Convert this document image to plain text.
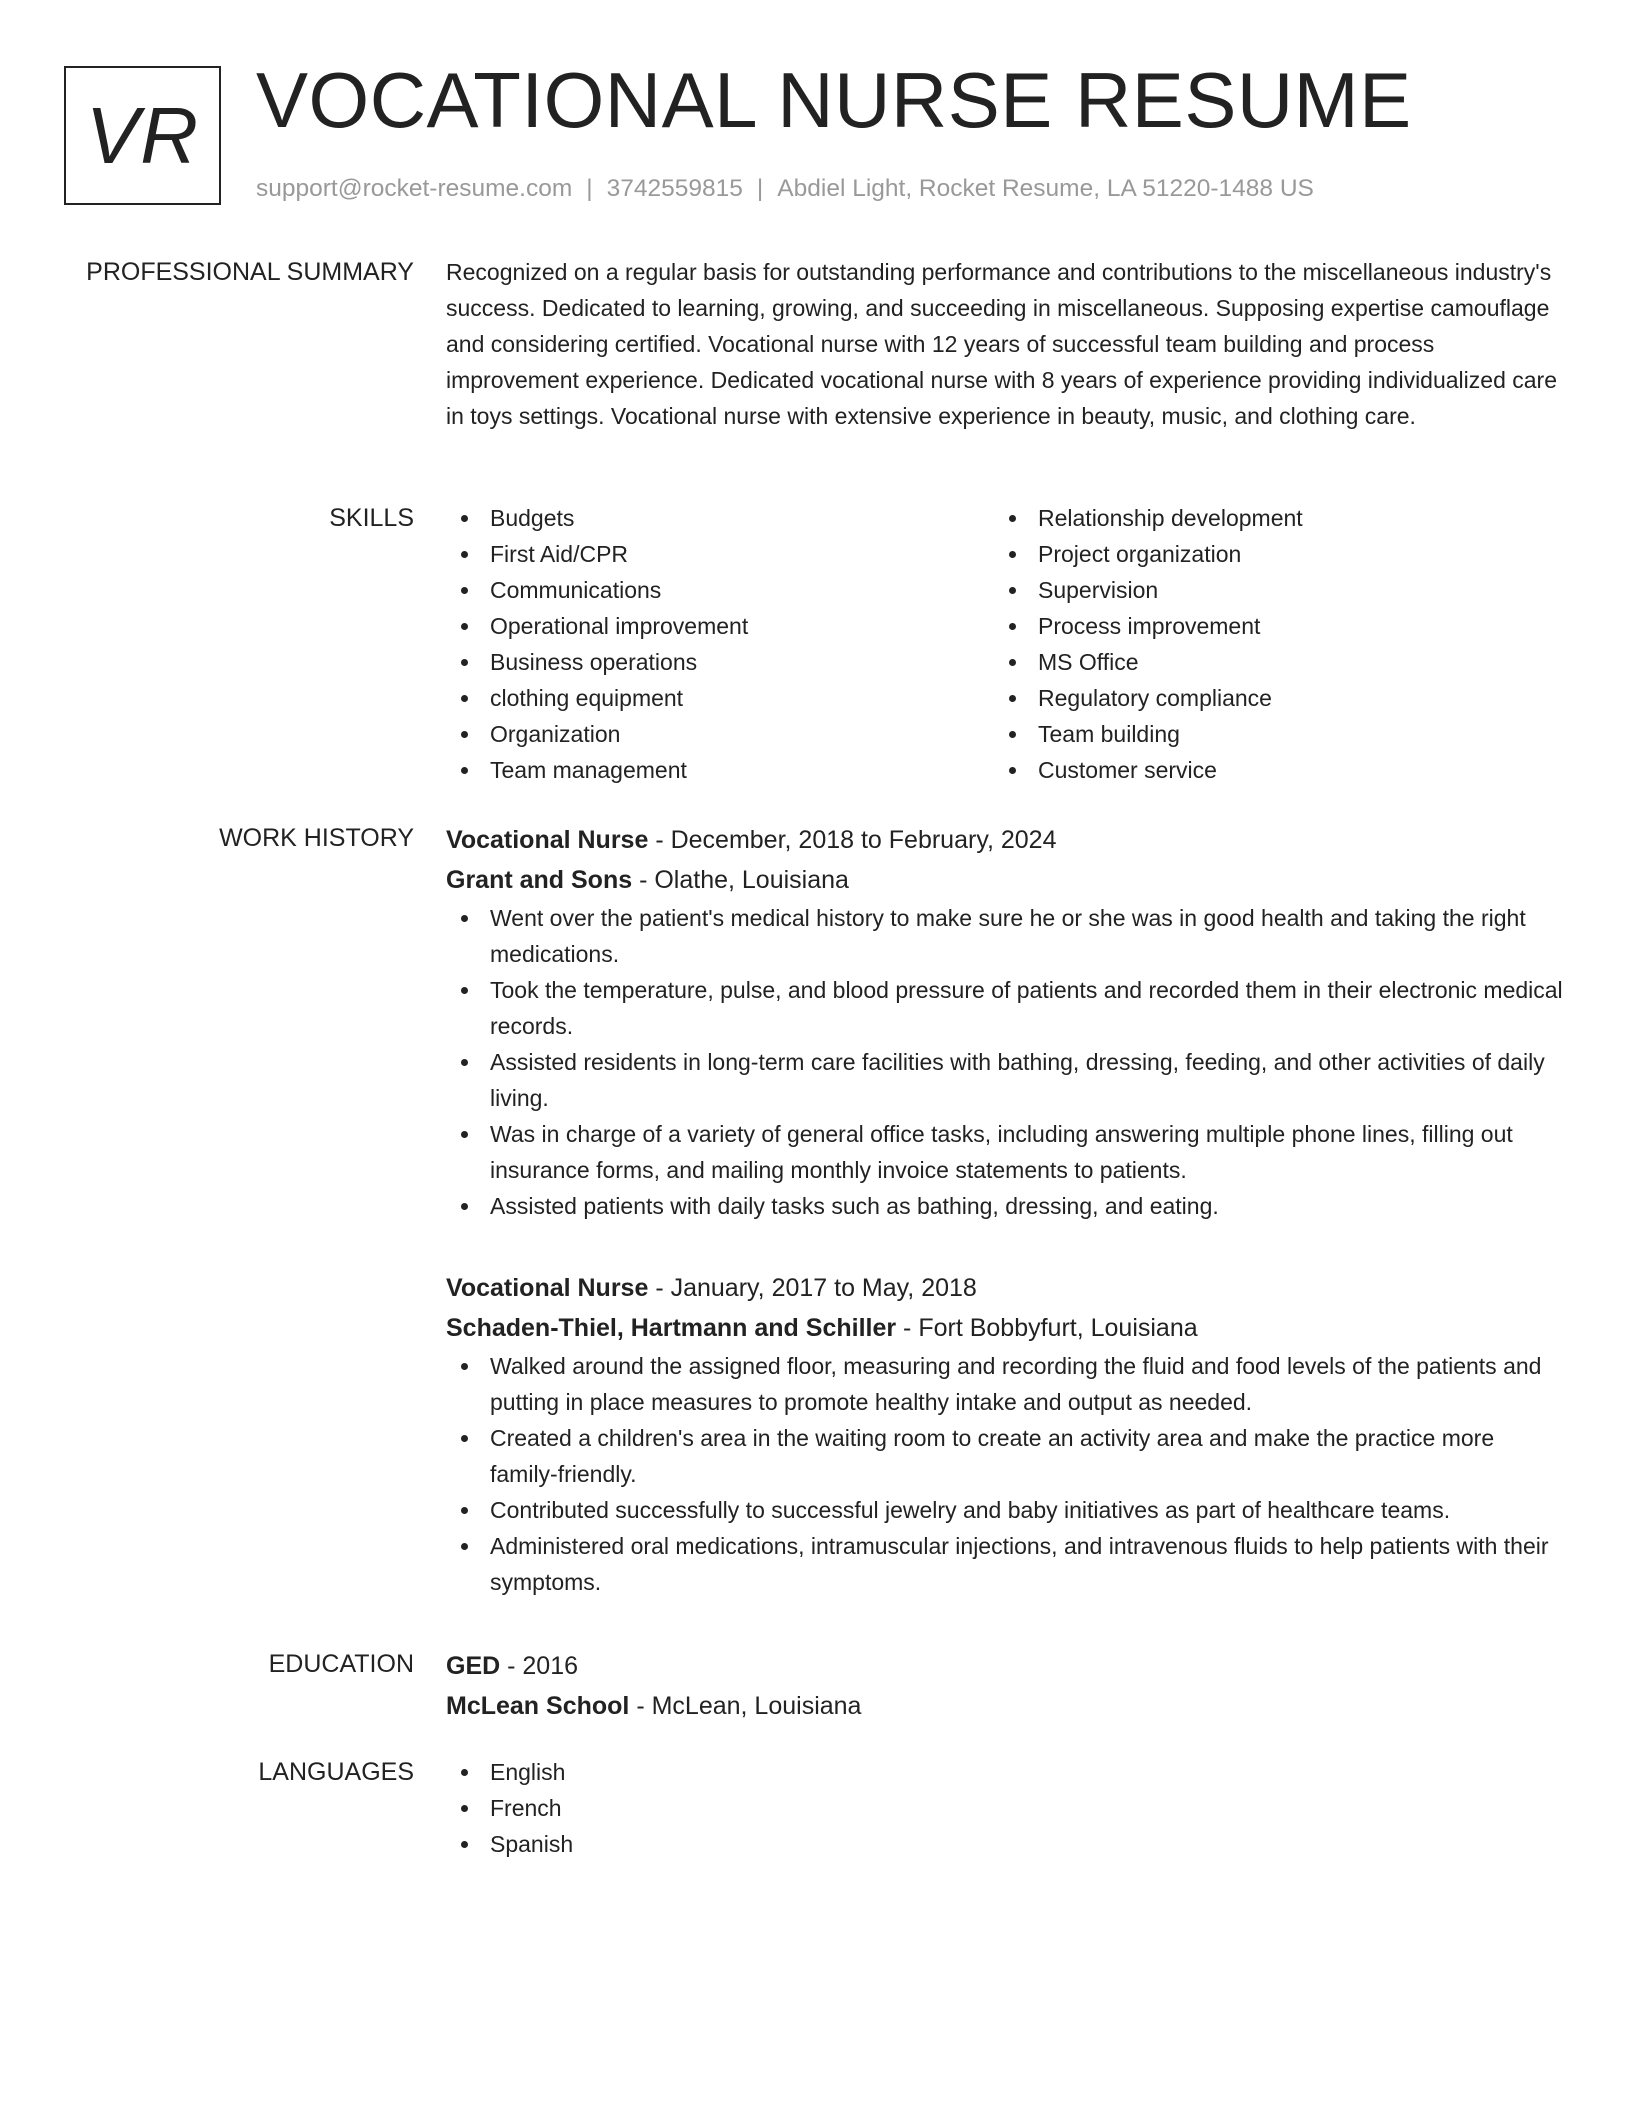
VR VOCATIONAL NURSE RESUME
support@rocket-resume.com | 3742559815 | Abdiel Light, Rocket Resume, LA 51220-1488 US
PROFESSIONAL SUMMARY Recognized on a regular basis for outstanding performance and contributions to the miscellaneous industry's success. Dedicated to learning, growing, and succeeding in miscellaneous. Supposing expertise camouflage and considering certified. Vocational nurse with 12 years of successful team building and process improvement experience. Dedicated vocational nurse with 8 years of experience providing individualized care in toys settings. Vocational nurse with extensive experience in beauty, music, and clothing care.

SKILLS	Budgets
First Aid/CPR
Communications
Operational improvement
Business operations
clothing equipment
Organization
Team management
Relationship development
Project organization
Supervision
Process improvement
MS Office
Regulatory compliance
Team building
Customer service
WORK HISTORY Vocational Nurse - December, 2018 to February, 2024
Grant and Sons - Olathe, Louisiana
Went over the patient's medical history to make sure he or she was in good health and taking the right medications.
Took the temperature, pulse, and blood pressure of patients and recorded them in their electronic medical records.
Assisted residents in long-term care facilities with bathing, dressing, feeding, and other activities of daily living.
Was in charge of a variety of general office tasks, including answering multiple phone lines, filling out insurance forms, and mailing monthly invoice statements to patients.
Assisted patients with daily tasks such as bathing, dressing, and eating.
Vocational Nurse - January, 2017 to May, 2018
Schaden-Thiel, Hartmann and Schiller - Fort Bobbyfurt, Louisiana
Walked around the assigned floor, measuring and recording the fluid and food levels of the patients and putting in place measures to promote healthy intake and output as needed.
Created a children's area in the waiting room to create an activity area and make the practice more family-friendly.
Contributed successfully to successful jewelry and baby initiatives as part of healthcare teams.
Administered oral medications, intramuscular injections, and intravenous fluids to help patients with their symptoms.
EDUCATION GED - 2016
McLean School - McLean, Louisiana
LANGUAGES	English
French
Spanish
